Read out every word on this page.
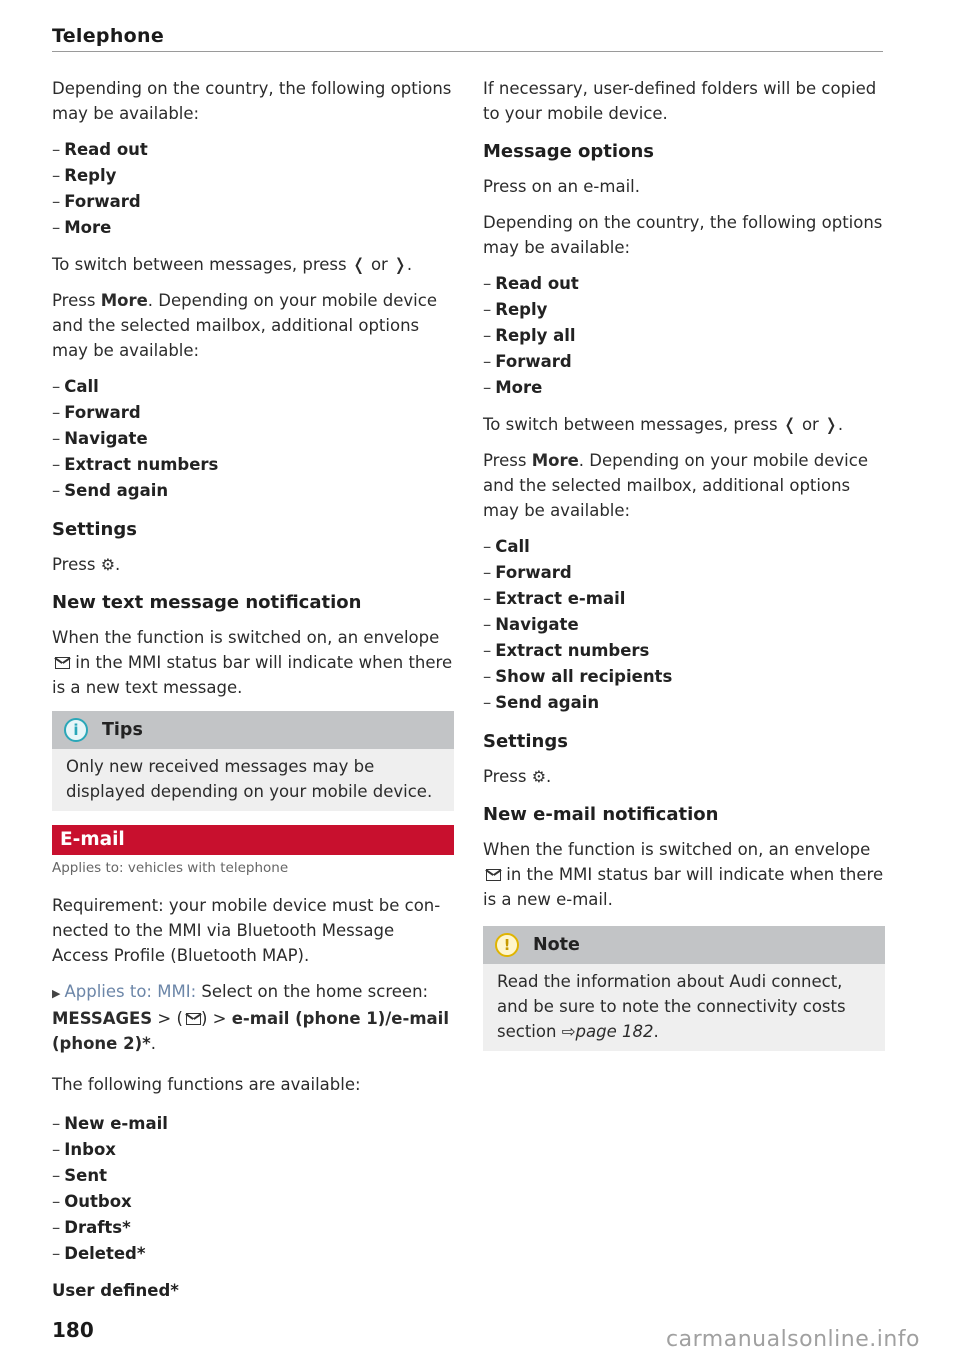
Telephone

Depending on the country, the following options may be available:

– Read out
– Reply
– Forward
– More

To switch between messages, press ❬ or ❭.

Press More. Depending on your mobile device and the selected mailbox, additional options may be available:

– Call
– Forward
– Navigate
– Extract numbers
– Send again
Settings

Press ⚙.

New text message notification

When the function is switched on, an envelope  in the MMI status bar will indicate when there is a new text message.

i	Tips
Only new received messages may be displayed depending on your mobile device.
E-mail
Applies to: vehicles with telephone

Requirement: your mobile device must be con-nected to the MMI via Bluetooth Message Access Profile (Bluetooth MAP).

▶ Applies to: MMI: Select on the home screen: MESSAGES > ( ) > e-mail (phone 1)/e-mail (phone 2)*.

The following functions are available:

– New e-mail
– Inbox
– Sent
– Outbox
– Drafts*
– Deleted*
User defined*

If necessary, user-defined folders will be copied to your mobile device.

Message options

Press on an e-mail.

Depending on the country, the following options may be available:

– Read out
– Reply
– Reply all
– Forward
– More

To switch between messages, press ❬ or ❭.

Press More. Depending on your mobile device and the selected mailbox, additional options may be available:

– Call
– Forward
– Extract e-mail
– Navigate
– Extract numbers
– Show all recipients
– Send again
Settings

Press ⚙.

New e-mail notification

When the function is switched on, an envelope  in the MMI status bar will indicate when there is a new e-mail.

!	Note
Read the information about Audi connect, and be sure to note the connectivity costs section ⇨page 182.
180	carmanualsonline.info
